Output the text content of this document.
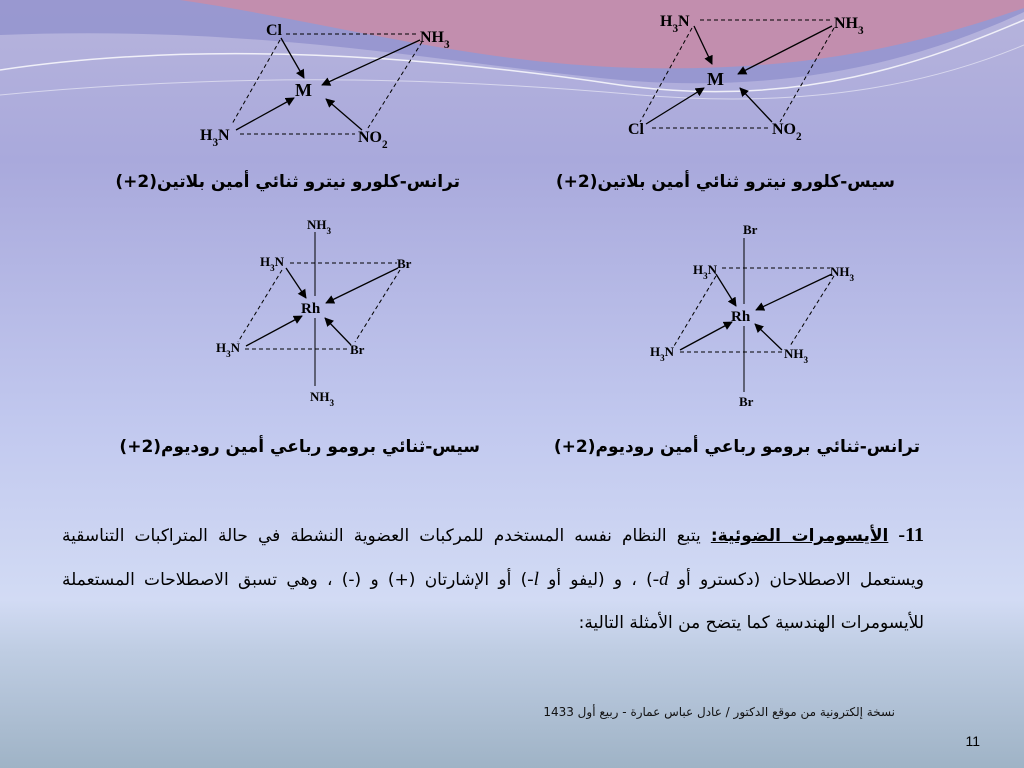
M
Cl	$NH_3$
$H_3N$	$NO_2$
M
$H_3N$	$NH_3$
Cl	$NO_2$
Rh
$NH_3$
$H_3N$	Br
$H_3N$	Br
$NH_3$
Rh
Br
$H_3N$	$NH_3$
$H_3N$	$NH_3$
Br
ترانس-كلورو نيترو ثنائي أمين بلاتين(2+)	سيس-كلورو نيترو ثنائي أمين بلاتين(2+)
سيس-ثنائي برومو رباعي أمين روديوم(2+)	ترانس-ثنائي برومو رباعي أمين روديوم(2+)
11- الأيسومرات الضوئية: يتبع النظام نفسه المستخدم للمركبات العضوية النشطة في حالة المتراكبات التناسقية ويستعمل الاصطلاحان (دكسترو أو d-) ، و (ليفو أو l-) أو الإشارتان (+) و (-) ، وهي تسبق الاصطلاحات المستعملة للأيسومرات الهندسية كما يتضح من الأمثلة التالية:
نسخة إلكترونية من موقع الدكتور / عادل عباس عمارة - ربيع أول 1433
11
